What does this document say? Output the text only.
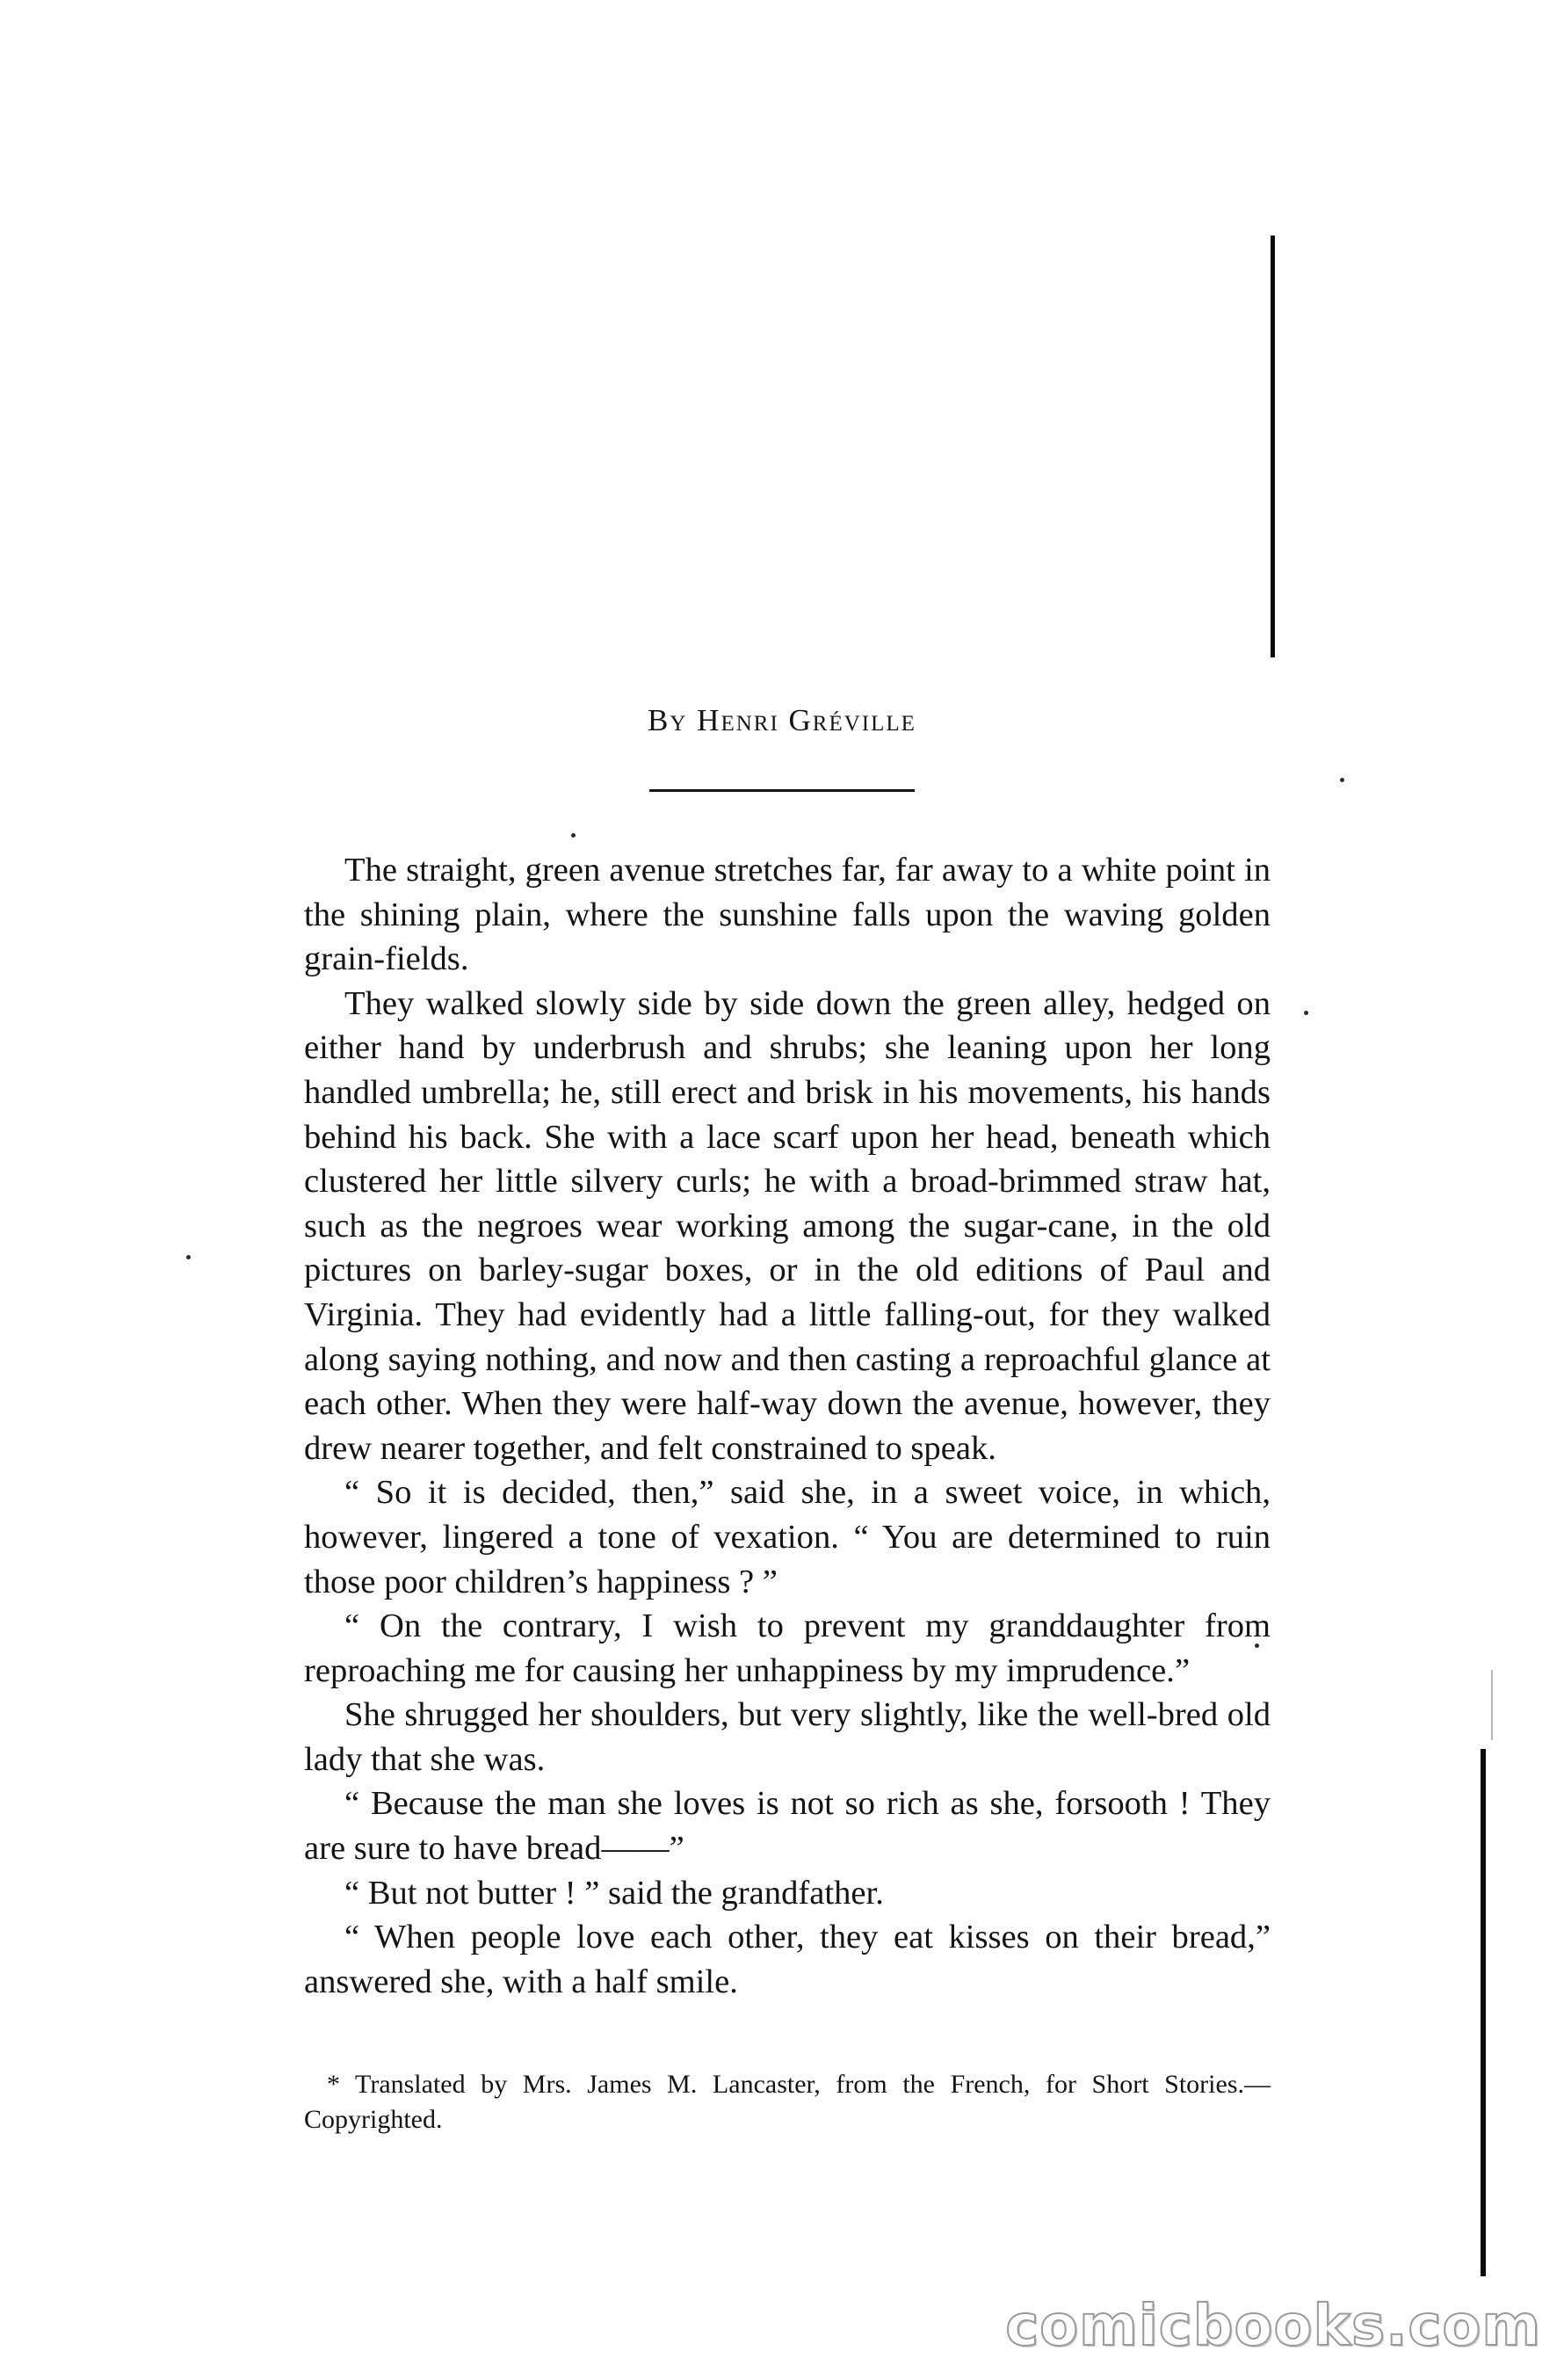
By Henri Gréville

The straight, green avenue stretches far, far away to a white point in the shining plain, where the sunshine falls upon the waving golden grain-fields.

They walked slowly side by side down the green alley, hedged on either hand by underbrush and shrubs; she leaning upon her long handled umbrella; he, still erect and brisk in his movements, his hands behind his back. She with a lace scarf upon her head, beneath which clustered her little silvery curls; he with a broad-brimmed straw hat, such as the negroes wear working among the sugar-cane, in the old pictures on barley-sugar boxes, or in the old editions of Paul and Virginia. They had evidently had a little falling-out, for they walked along saying nothing, and now and then casting a reproachful glance at each other. When they were half-way down the avenue, however, they drew nearer together, and felt constrained to speak.

“ So it is decided, then,” said she, in a sweet voice, in which, however, lingered a tone of vexation. “ You are determined to ruin those poor children’s happiness ? ”

“ On the contrary, I wish to prevent my granddaughter from reproaching me for causing her unhappiness by my imprudence.”

She shrugged her shoulders, but very slightly, like the well-bred old lady that she was.

“ Because the man she loves is not so rich as she, forsooth ! They are sure to have bread——”

“ But not butter ! ” said the grandfather.

“ When people love each other, they eat kisses on their bread,” answered she, with a half smile.

* Translated by Mrs. James M. Lancaster, from the French, for Short Stories.—Copyrighted.

comicbooks.com
